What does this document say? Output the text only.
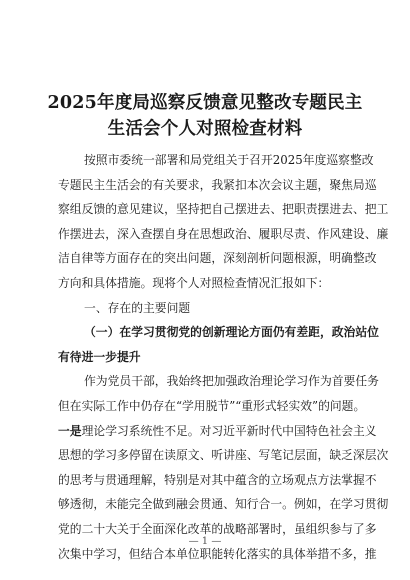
2025年度局巡察反馈意见整改专题民主
生活会个人对照检查材料
按照市委统一部署和局党组关于召开2025年度巡察整改
专题民主生活会的有关要求，我紧扣本次会议主题，聚焦局巡
察组反馈的意见建议，坚持把自己摆进去、把职责摆进去、把工
作摆进去，深入查摆自身在思想政治、履职尽责、作风建设、廉
洁自律等方面存在的突出问题，深刻剖析问题根源，明确整改
方向和具体措施。现将个人对照检查情况汇报如下：
一、存在的主要问题
（一）在学习贯彻党的创新理论方面仍有差距，政治站位
有待进一步提升
作为党员干部，我始终把加强政治理论学习作为首要任务
但在实际工作中仍存在“学用脱节”“重形式轻实效”的问题。
一是理论学习系统性不足。对习近平新时代中国特色社会主义
思想的学习多停留在读原文、听讲座、写笔记层面，缺乏深层次
的思考与贯通理解，特别是对其中蕴含的立场观点方法掌握不
够透彻，未能完全做到融会贯通、知行合一。例如，在学习贯彻
党的二十大关于全面深化改革的战略部署时，虽组织参与了多
次集中学习，但结合本单位职能转化落实的具体举措不多，推
— 1 —
